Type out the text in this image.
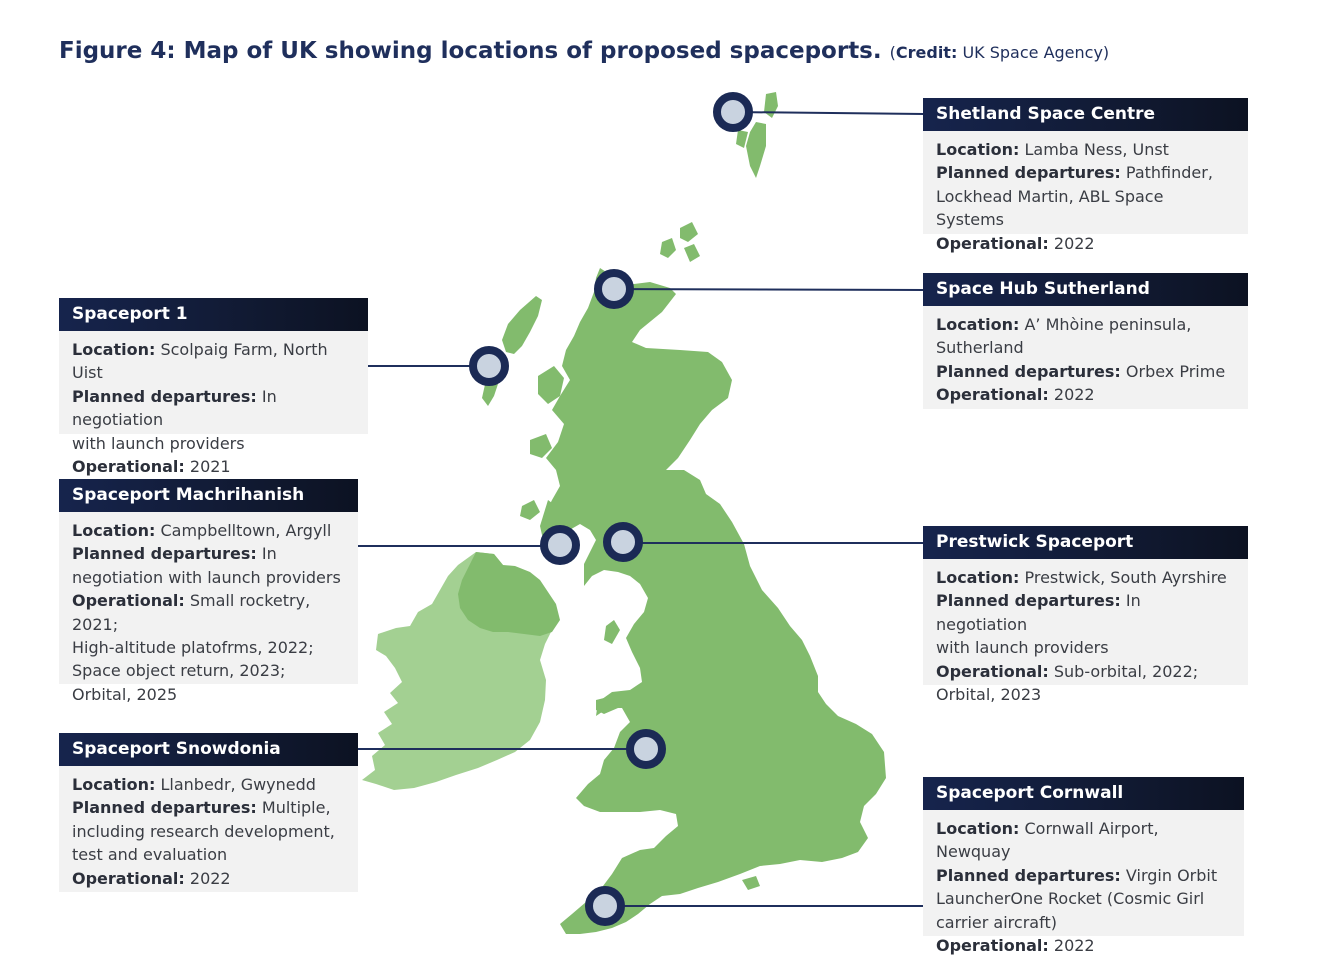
Figure 4: Map of UK showing locations of proposed spaceports. (Credit: UK Space Agency)
Shetland Space Centre
Location: Lamba Ness, Unst
Planned departures: Pathfinder,
Lockhead Martin, ABL Space Systems
Operational: 2022
Space Hub Sutherland
Location: A’ Mhòine peninsula,
Sutherland
Planned departures: Orbex Prime
Operational: 2022
Spaceport 1
Location: Scolpaig Farm, North Uist
Planned departures: In negotiation
with launch providers
Operational: 2021
Spaceport Machrihanish
Location: Campbelltown, Argyll
Planned departures: In
negotiation with launch providers
Operational: Small rocketry, 2021;
High-altitude platofrms, 2022;
Space object return, 2023;
Orbital, 2025
Prestwick Spaceport
Location: Prestwick, South Ayrshire
Planned departures: In negotiation
with launch providers
Operational: Sub-orbital, 2022;
Orbital, 2023
Spaceport Snowdonia
Location: Llanbedr, Gwynedd
Planned departures: Multiple,
including research development,
test and evaluation
Operational: 2022
Spaceport Cornwall
Location: Cornwall Airport, Newquay
Planned departures: Virgin Orbit
LauncherOne Rocket (Cosmic Girl
carrier aircraft)
Operational: 2022
